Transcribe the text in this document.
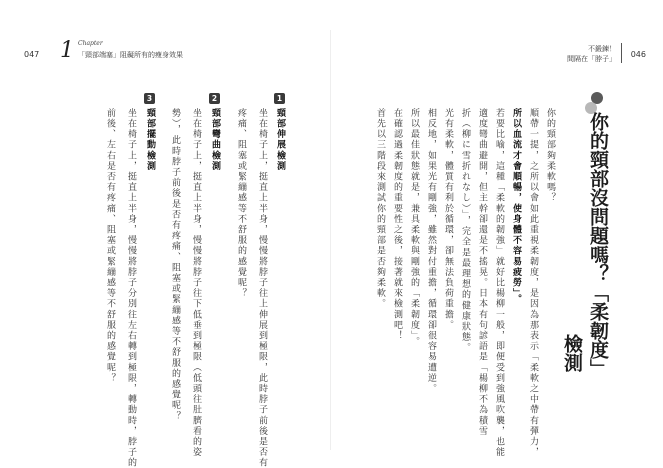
047 1 Chapter
「頸部端塞」阻礙所有的瘦身效果
1
頸部伸展檢測
坐在椅子上，挺直上半身，慢慢將脖子往上伸展到極限，此時脖子前後是否有
疼痛、阻塞或緊繃感等不舒服的感覺呢？
2
頸部彎曲檢測
坐在椅子上，挺直上半身，慢慢將脖子往下低垂到極限（低頭往肚臍看的姿
勢），此時脖子前後是否有疼痛、阻塞或緊繃感等不舒服的感覺呢？
3
頸部擺動檢測
坐在椅子上，挺直上半身，慢慢將脖子分別往左右轉到極限，轉動時，脖子的
前後、左右是否有疼痛、阻塞或緊繃感等不舒服的感覺呢？
不鍛鍊！
間隔在「脖子」 046
你的頸部沒問題嗎？「柔韌度」
檢測
你的頸部夠柔軟嗎？
順帶一提，之所以會如此重視柔韌度，是因為那表示「柔軟之中帶有彈力，
所以血流才會順暢，使身體不容易疲勞」。
若要比喻，這種「柔軟的韌強」就好比楊柳一般，即便受到強風吹襲，也能
適度彎曲避開，但主幹卻還是不搖晃。日本有句諺語是「楊柳不為積雪
折（柳に雪折れなし）」，完全是最理想的健康狀態。
光有柔軟，體質有利於循環，卻無法負荷重擔。
相反地，如果光有剛強，雖然對付重擔，循環卻很容易遭逆。
所以最佳狀態就是，兼具柔軟與剛強的「柔韌度」。
在確認過柔韌度的重要性之後，接著就來檢測吧！
首先以三階段來測試你的頸部是否夠柔軟。
